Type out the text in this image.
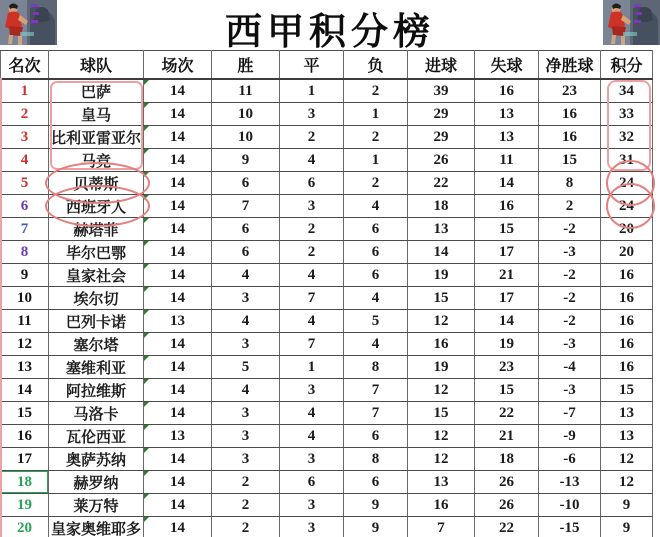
西甲积分榜
名次	球队	场次	胜	平	负	进球	失球	净胜球	积分
1	巴萨	14	11	1	2	39	16	23	34
2	皇马	14	10	3	1	29	13	16	33
3	比利亚雷亚尔	14	10	2	2	29	13	16	32
4	马竞	14	9	4	1	26	11	15	31
5	贝蒂斯	14	6	6	2	22	14	8	24
6	西班牙人	14	7	3	4	18	16	2	24
7	赫塔菲	14	6	2	6	13	15	-2	20
8	毕尔巴鄂	14	6	2	6	14	17	-3	20
9	皇家社会	14	4	4	6	19	21	-2	16
10	埃尔切	14	3	7	4	15	17	-2	16
11	巴列卡诺	13	4	4	5	12	14	-2	16
12	塞尔塔	14	3	7	4	16	19	-3	16
13	塞维利亚	14	5	1	8	19	23	-4	16
14	阿拉维斯	14	4	3	7	12	15	-3	15
15	马洛卡	14	3	4	7	15	22	-7	13
16	瓦伦西亚	13	3	4	6	12	21	-9	13
17	奥萨苏纳	14	3	3	8	12	18	-6	12
18	赫罗纳	14	2	6	6	13	26	-13	12
19	莱万特	14	2	3	9	16	26	-10	9
20	皇家奥维耶多	14	2	3	9	7	22	-15	9
